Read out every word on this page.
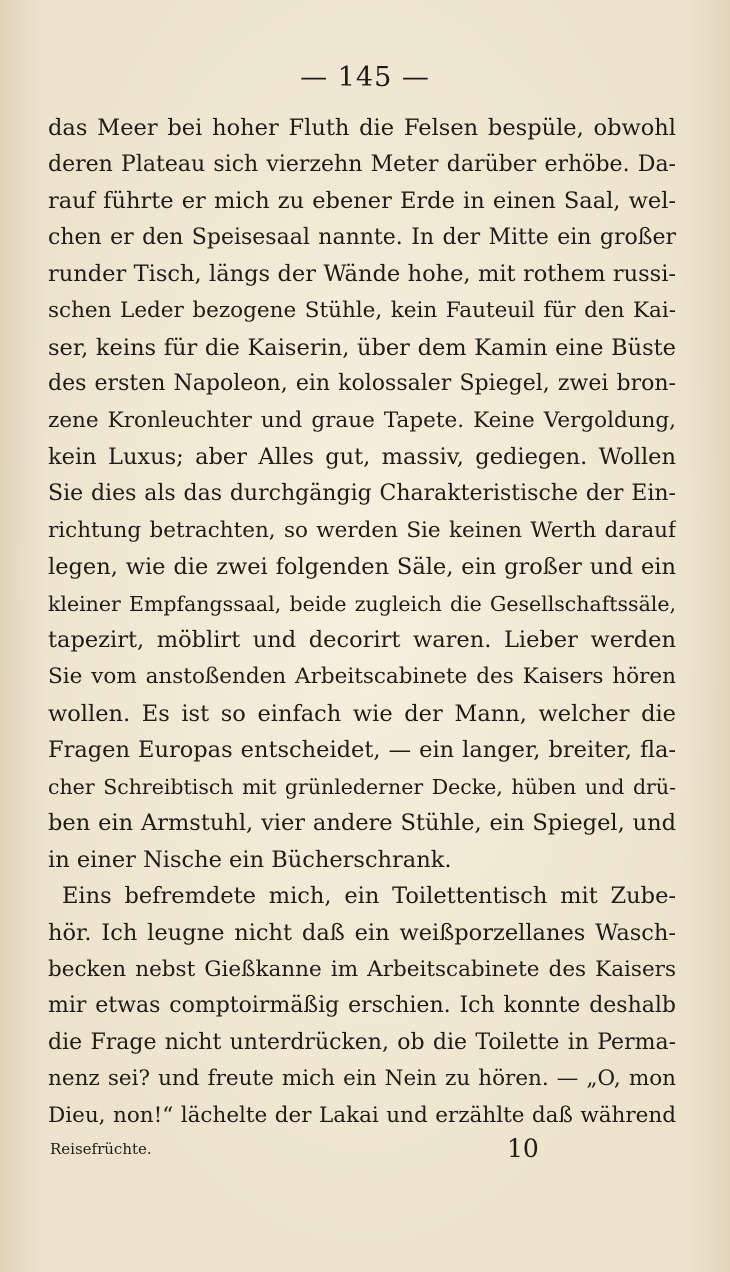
— 145 —
das Meer bei hoher Fluth die Felsen bespüle, obwohl
deren Plateau sich vierzehn Meter darüber erhöbe. Da-
rauf führte er mich zu ebener Erde in einen Saal, wel-
chen er den Speisesaal nannte. In der Mitte ein großer
runder Tisch, längs der Wände hohe, mit rothem russi-
schen Leder bezogene Stühle, kein Fauteuil für den Kai-
ser, keins für die Kaiserin, über dem Kamin eine Büste
des ersten Napoleon, ein kolossaler Spiegel, zwei bron-
zene Kronleuchter und graue Tapete. Keine Vergoldung,
kein Luxus; aber Alles gut, massiv, gediegen. Wollen
Sie dies als das durchgängig Charakteristische der Ein-
richtung betrachten, so werden Sie keinen Werth darauf
legen, wie die zwei folgenden Säle, ein großer und ein
kleiner Empfangssaal, beide zugleich die Gesellschaftssäle,
tapezirt, möblirt und decorirt waren. Lieber werden
Sie vom anstoßenden Arbeitscabinete des Kaisers hören
wollen. Es ist so einfach wie der Mann, welcher die
Fragen Europas entscheidet, — ein langer, breiter, fla-
cher Schreibtisch mit grünlederner Decke, hüben und drü-
ben ein Armstuhl, vier andere Stühle, ein Spiegel, und
in einer Nische ein Bücherschrank.
Eins befremdete mich, ein Toilettentisch mit Zube-
hör. Ich leugne nicht daß ein weißporzellanes Wasch-
becken nebst Gießkanne im Arbeitscabinete des Kaisers
mir etwas comptoirmäßig erschien. Ich konnte deshalb
die Frage nicht unterdrücken, ob die Toilette in Perma-
nenz sei? und freute mich ein Nein zu hören. — „O, mon
Dieu, non!“ lächelte der Lakai und erzählte daß während
Reisefrüchte.	10
